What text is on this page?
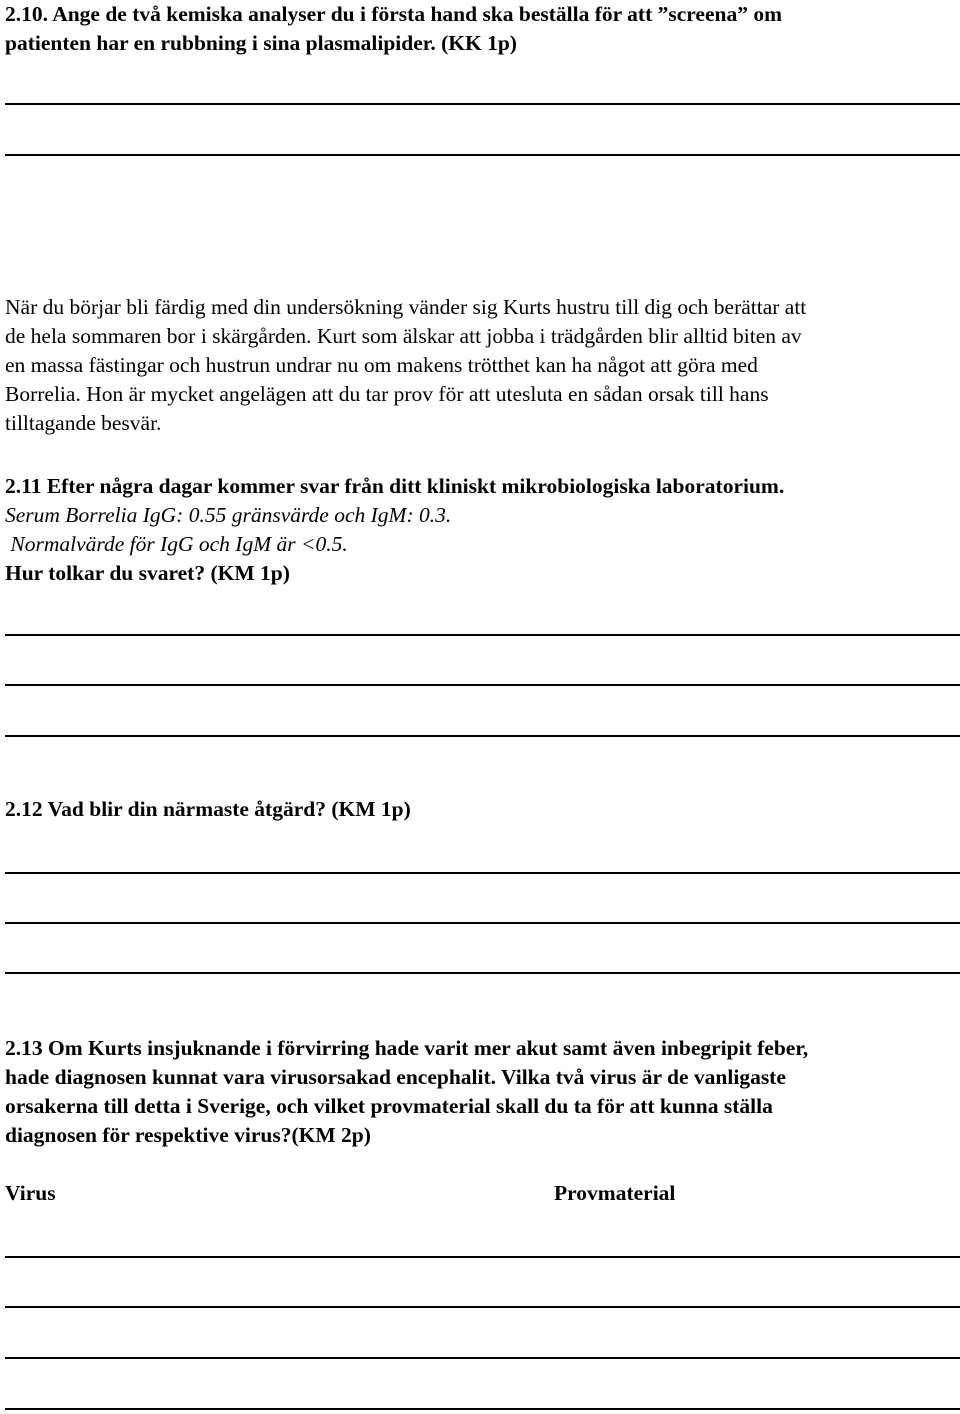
2.10. Ange de två kemiska analyser du i första hand ska beställa för att ”screena” om
patienten har en rubbning i sina plasmalipider. (KK 1p)
När du börjar bli färdig med din undersökning vänder sig Kurts hustru till dig och berättar att
de hela sommaren bor i skärgården. Kurt som älskar att jobba i trädgården blir alltid biten av
en massa fästingar och hustrun undrar nu om makens trötthet kan ha något att göra med
Borrelia. Hon är mycket angelägen att du tar prov för att utesluta en sådan orsak till hans
tilltagande besvär.
2.11 Efter några dagar kommer svar från ditt kliniskt mikrobiologiska laboratorium.
Serum Borrelia IgG: 0.55 gränsvärde och IgM: 0.3.
Normalvärde för IgG och IgM är <0.5.
Hur tolkar du svaret? (KM 1p)
2.12 Vad blir din närmaste åtgärd? (KM 1p)
2.13 Om Kurts insjuknande i förvirring hade varit mer akut samt även inbegripit feber,
hade diagnosen kunnat vara virusorsakad encephalit. Vilka två virus är de vanligaste
orsakerna till detta i Sverige, och vilket provmaterial skall du ta för att kunna ställa
diagnosen för respektive virus?(KM 2p)
Virus	Provmaterial
